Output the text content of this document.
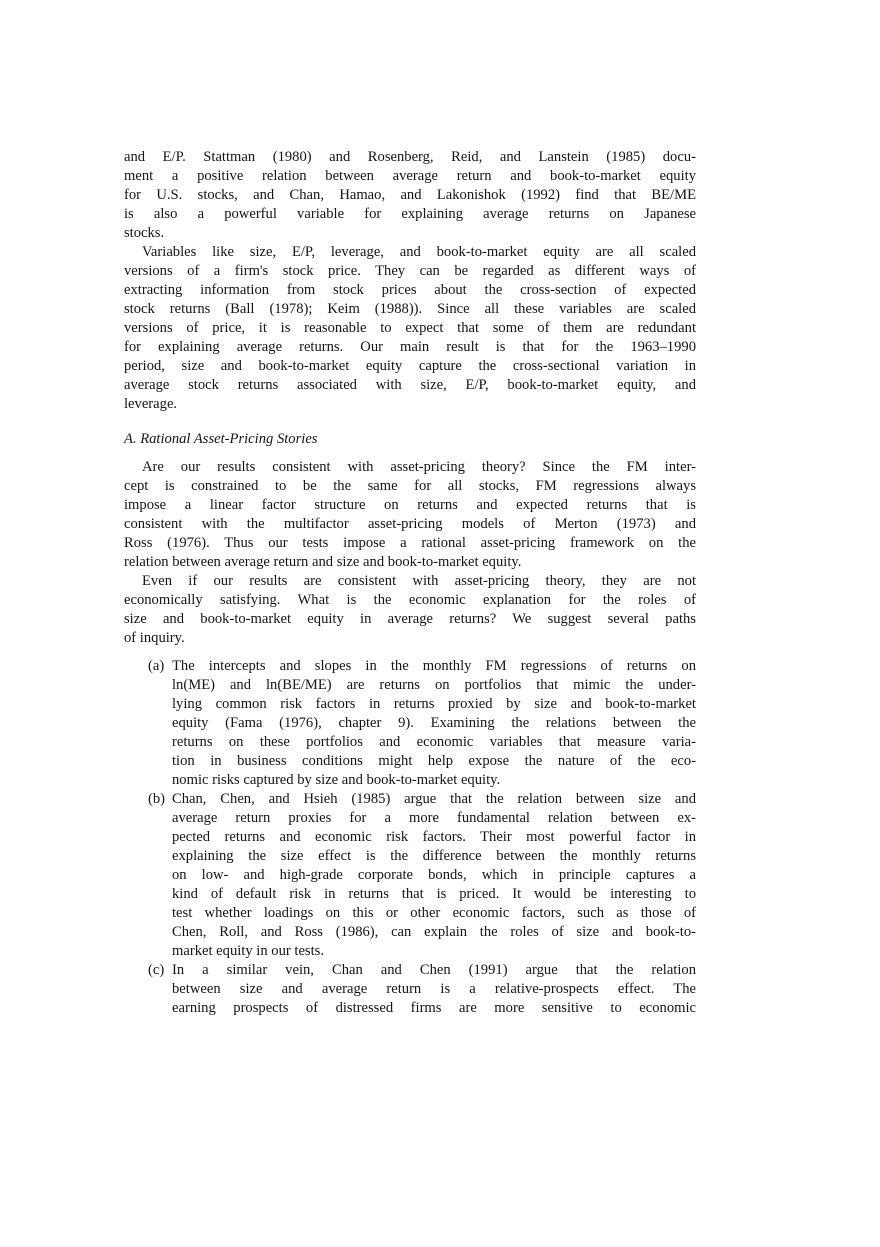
and E/P. Stattman (1980) and Rosenberg, Reid, and Lanstein (1985) docu-
ment a positive relation between average return and book-to-market equity
for U.S. stocks, and Chan, Hamao, and Lakonishok (1992) find that BE/ME
is also a powerful variable for explaining average returns on Japanese
stocks.
Variables like size, E/P, leverage, and book-to-market equity are all scaled
versions of a firm's stock price. They can be regarded as different ways of
extracting information from stock prices about the cross-section of expected
stock returns (Ball (1978); Keim (1988)). Since all these variables are scaled
versions of price, it is reasonable to expect that some of them are redundant
for explaining average returns. Our main result is that for the 1963–1990
period, size and book-to-market equity capture the cross-sectional variation in
average stock returns associated with size, E/P, book-to-market equity, and
leverage.
A. Rational Asset-Pricing Stories
Are our results consistent with asset-pricing theory? Since the FM inter-
cept is constrained to be the same for all stocks, FM regressions always
impose a linear factor structure on returns and expected returns that is
consistent with the multifactor asset-pricing models of Merton (1973) and
Ross (1976). Thus our tests impose a rational asset-pricing framework on the
relation between average return and size and book-to-market equity.
Even if our results are consistent with asset-pricing theory, they are not
economically satisfying. What is the economic explanation for the roles of
size and book-to-market equity in average returns? We suggest several paths
of inquiry.
(a) The intercepts and slopes in the monthly FM regressions of returns on
ln(ME) and ln(BE/ME) are returns on portfolios that mimic the under-
lying common risk factors in returns proxied by size and book-to-market
equity (Fama (1976), chapter 9). Examining the relations between the
returns on these portfolios and economic variables that measure varia-
tion in business conditions might help expose the nature of the eco-
nomic risks captured by size and book-to-market equity.
(b) Chan, Chen, and Hsieh (1985) argue that the relation between size and
average return proxies for a more fundamental relation between ex-
pected returns and economic risk factors. Their most powerful factor in
explaining the size effect is the difference between the monthly returns
on low- and high-grade corporate bonds, which in principle captures a
kind of default risk in returns that is priced. It would be interesting to
test whether loadings on this or other economic factors, such as those of
Chen, Roll, and Ross (1986), can explain the roles of size and book-to-
market equity in our tests.
(c) In a similar vein, Chan and Chen (1991) argue that the relation
between size and average return is a relative-prospects effect. The
earning prospects of distressed firms are more sensitive to economic
